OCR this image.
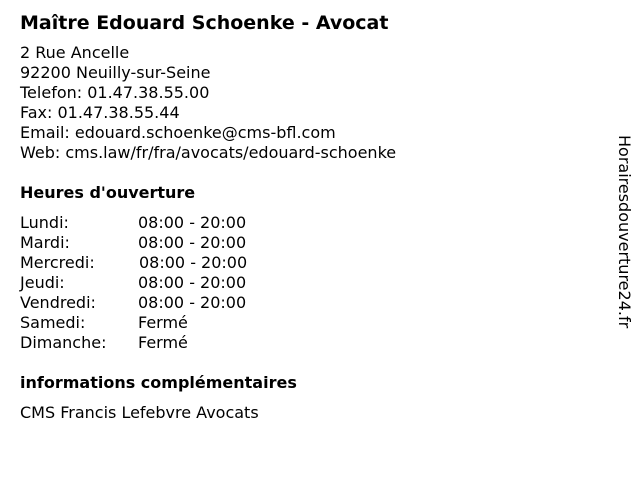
Maître Edouard Schoenke - Avocat
2 Rue Ancelle
92200 Neuilly-sur-Seine
Telefon: 01.47.38.55.00
Fax: 01.47.38.55.44
Email: edouard.schoenke@cms-bfl.com
Web: cms.law/fr/fra/avocats/edouard-schoenke
Heures d'ouverture
Lundi:	08:00 - 20:00
Mardi:	08:00 - 20:00
Mercredi:	08:00 - 20:00
Jeudi:	08:00 - 20:00
Vendredi:	08:00 - 20:00
Samedi:	Fermé
Dimanche: Fermé
informations complémentaires
CMS Francis Lefebvre Avocats
Horairesdouverture24.fr
